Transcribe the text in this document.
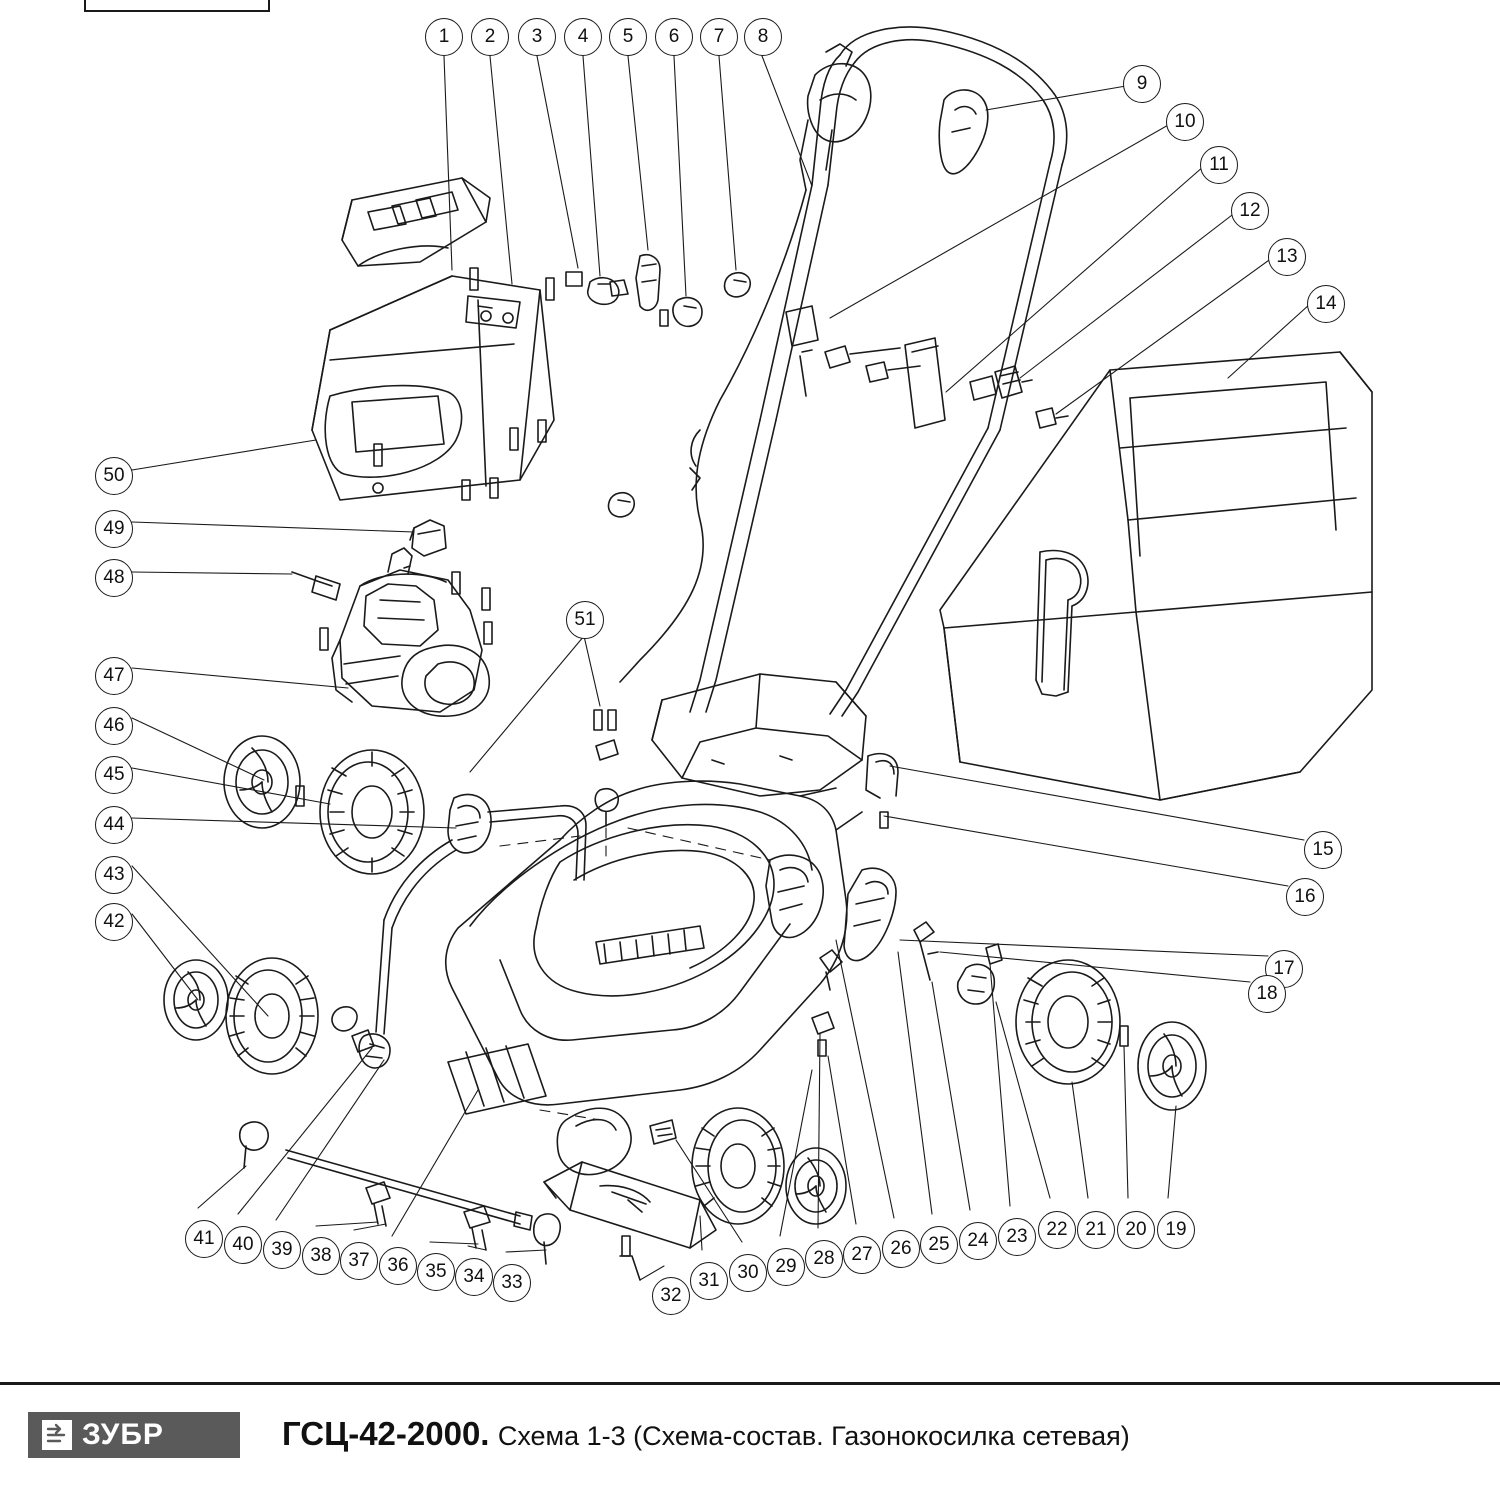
1	2	3	4	5	6	7	8
9
10
11
12
13
14
15
16
17
18
19
20
21
22
23
24
25
26
27
28
29
30
31
32
33
34
35
36
37
38
39
40
41
42
43
44
45
46
47
48
49
50
51
ЗУБР	ГСЦ-42-2000. Схема 1-3 (Схема-состав. Газонокосилка сетевая)
